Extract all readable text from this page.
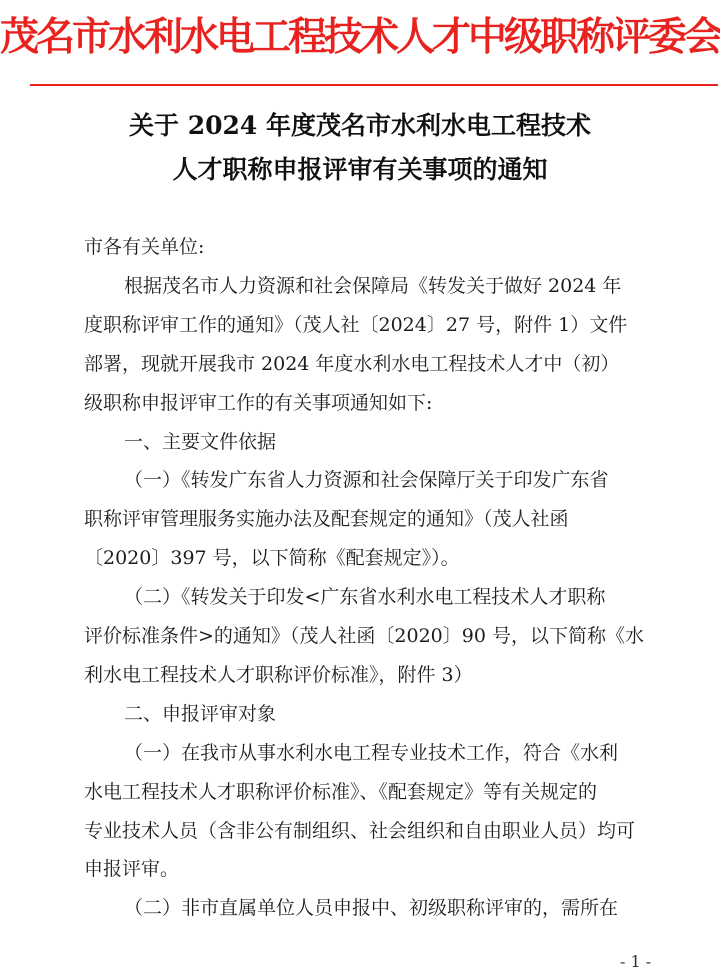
茂名市水利水电工程技术人才中级职称评委会
关于 2024 年度茂名市水利水电工程技术
人才职称申报评审有关事项的通知
市各有关单位:
根据茂名市人力资源和社会保障局《转发关于做好 2024 年
度职称评审工作的通知》（茂人社〔2024〕27 号，附件 1）文件
部署，现就开展我市 2024 年度水利水电工程技术人才中（初）
级职称申报评审工作的有关事项通知如下:
一、主要文件依据
（一）《转发广东省人力资源和社会保障厅关于印发广东省
职称评审管理服务实施办法及配套规定的通知》（茂人社函
〔2020〕397 号，以下简称《配套规定》）。
（二）《转发关于印发<广东省水利水电工程技术人才职称
评价标准条件>的通知》（茂人社函〔2020〕90 号，以下简称《水
利水电工程技术人才职称评价标准》，附件 3）
二、申报评审对象
（一）在我市从事水利水电工程专业技术工作，符合《水利
水电工程技术人才职称评价标准》、《配套规定》等有关规定的
专业技术人员（含非公有制组织、社会组织和自由职业人员）均可
申报评审。
（二）非市直属单位人员申报中、初级职称评审的，需所在
- 1 -
